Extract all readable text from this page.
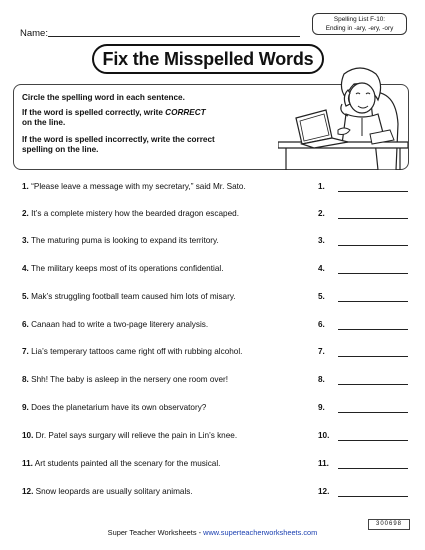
Name:
Spelling List F-10:
Ending in -ary, -ery, -ory
Fix the Misspelled Words
Circle the spelling word in each sentence.
If the word is spelled correctly, write CORRECT
on the line.
If the word is spelled incorrectly, write the correct
spelling on the line.
1. “Please leave a message with my secretary,” said Mr. Sato.	1.
2. It’s a complete mistery how the bearded dragon escaped.	2.
3. The maturing puma is looking to expand its territory.	3.
4. The military keeps most of its operations confidential.	4.
5. Mak’s struggling football team caused him lots of misary.	5.
6. Canaan had to write a two-page literery analysis.	6.
7. Lia’s temperary tattoos came right off with rubbing alcohol.	7.
8. Shh! The baby is asleep in the nersery one room over!	8.
9. Does the planetarium have its own observatory?	9.
10. Dr. Patel says surgary will relieve the pain in Lin’s knee.	10.
11. Art students painted all the scenary for the musical.	11.
12. Snow leopards are usually solitary animals.	12.
300698
Super Teacher Worksheets - www.superteacherworksheets.com
